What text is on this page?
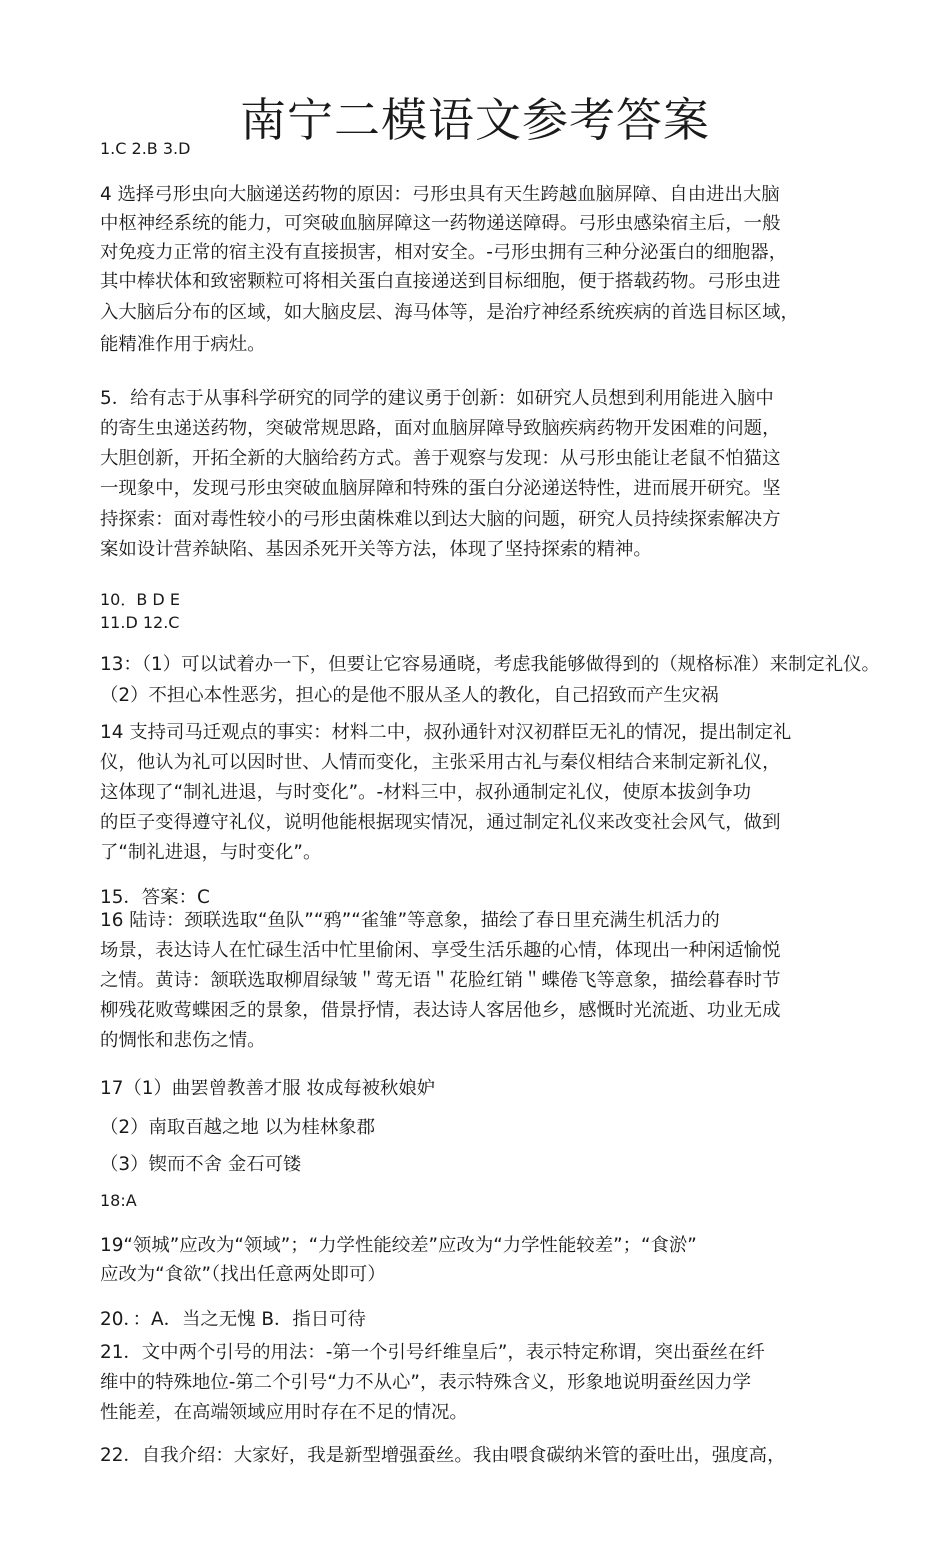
南宁二模语文参考答案
1.C 2.B 3.D
4 选择弓形虫向大脑递送药物的原因：弓形虫具有天生跨越血脑屏障、自由进出大脑
中枢神经系统的能力，可突破血脑屏障这一药物递送障碍。弓形虫感染宿主后，一般
对免疫力正常的宿主没有直接损害，相对安全。-弓形虫拥有三种分泌蛋白的细胞器，
其中棒状体和致密颗粒可将相关蛋白直接递送到目标细胞，便于搭载药物。弓形虫进
入大脑后分布的区域，如大脑皮层、海马体等，是治疗神经系统疾病的首选目标区域，
能精准作用于病灶。
5．给有志于从事科学研究的同学的建议勇于创新：如研究人员想到利用能进入脑中
的寄生虫递送药物，突破常规思路，面对血脑屏障导致脑疾病药物开发困难的问题，
大胆创新，开拓全新的大脑给药方式。善于观察与发现：从弓形虫能让老鼠不怕猫这
一现象中，发现弓形虫突破血脑屏障和特殊的蛋白分泌递送特性，进而展开研究。坚
持探索：面对毒性较小的弓形虫菌株难以到达大脑的问题，研究人员持续探索解决方
案如设计营养缺陷、基因杀死开关等方法，体现了坚持探索的精神。
10．B D E
11.D 12.C
13：（1）可以试着办一下，但要让它容易通晓，考虑我能够做得到的（规格标准）来制定礼仪。
（2）不担心本性恶劣，担心的是他不服从圣人的教化，自己招致而产生灾祸
14 支持司马迁观点的事实：材料二中，叔孙通针对汉初群臣无礼的情况，提出制定礼
仪，他认为礼可以因时世、人情而变化，主张采用古礼与秦仪相结合来制定新礼仪，
这体现了“制礼进退，与时变化”。-材料三中，叔孙通制定礼仪，使原本拔剑争功
的臣子变得遵守礼仪，说明他能根据现实情况，通过制定礼仪来改变社会风气，做到
了“制礼进退，与时变化”。
15．答案：C
16 陆诗：颈联选取“鱼队”“鸦”“雀雏”等意象，描绘了春日里充满生机活力的
场景，表达诗人在忙碌生活中忙里偷闲、享受生活乐趣的心情，体现出一种闲适愉悦
之情。黄诗：颔联选取柳眉绿皱＂莺无语＂花脸红销＂蝶倦飞等意象，描绘暮春时节
柳残花败莺蝶困乏的景象，借景抒情，表达诗人客居他乡，感慨时光流逝、功业无成
的惆怅和悲伤之情。
17（1）曲罢曾教善才服 妆成每被秋娘妒
（2）南取百越之地 以为桂林象郡
（3）锲而不舍 金石可镂
18:A
19“领城”应改为“领域”；“力学性能绞差”应改为“力学性能较差”；“食淤”
应改为“食欲”（找出任意两处即可）
20．：A．当之无愧 B．指日可待
21．文中两个引号的用法：-第一个引号纤维皇后”，表示特定称谓，突出蚕丝在纤
维中的特殊地位-第二个引号“力不从心”，表示特殊含义，形象地说明蚕丝因力学
性能差，在高端领域应用时存在不足的情况。
22．自我介绍：大家好，我是新型增强蚕丝。我由喂食碳纳米管的蚕吐出，强度高，
